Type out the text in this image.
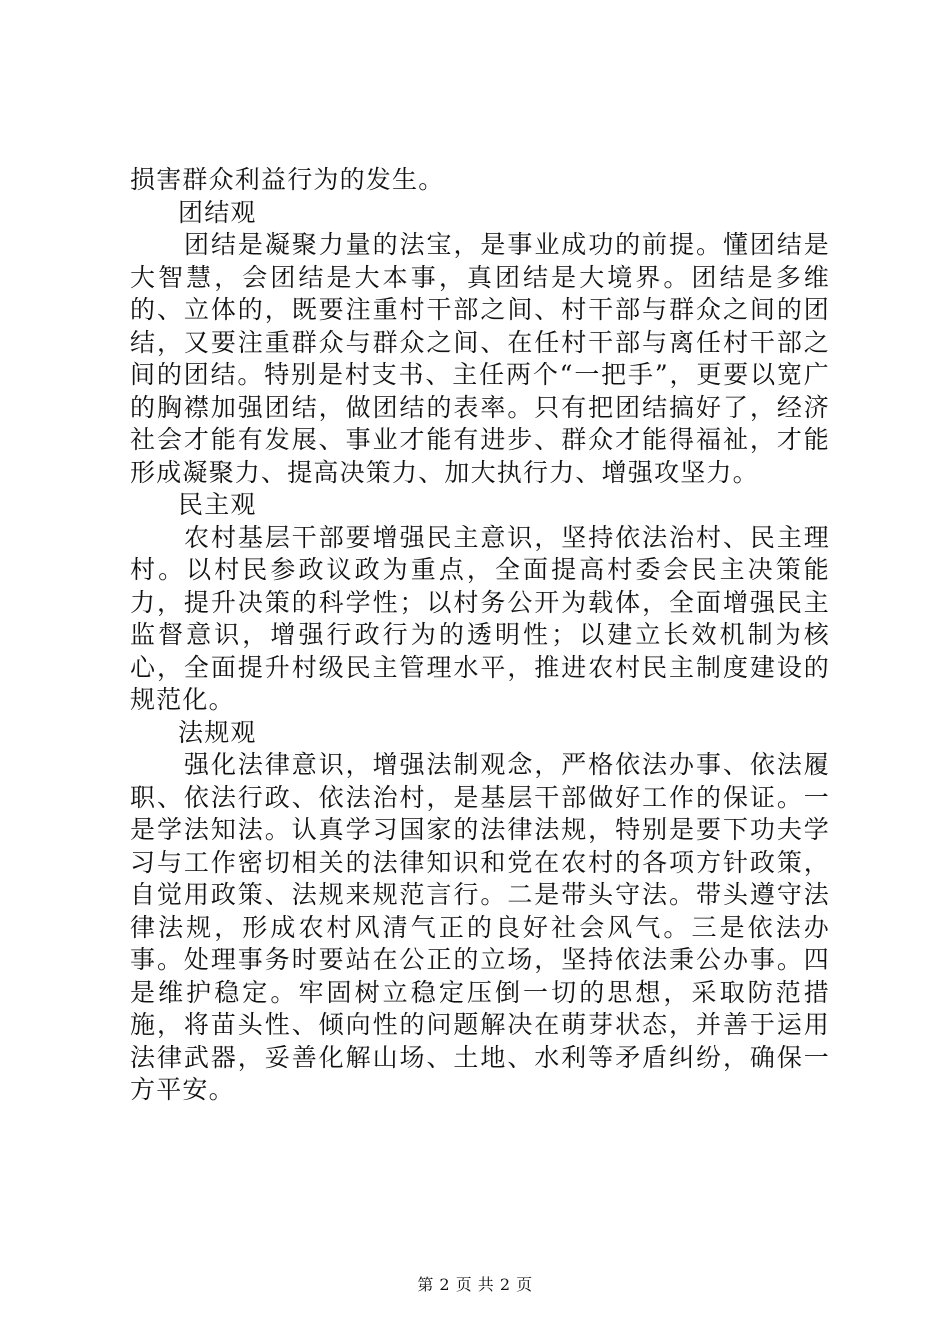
损害群众利益行为的发生。

团结观

团结是凝聚力量的法宝，是事业成功的前提。懂团结是大智慧，会团结是大本事，真团结是大境界。团结是多维的、立体的，既要注重村干部之间、村干部与群众之间的团结，又要注重群众与群众之间、在任村干部与离任村干部之间的团结。特别是村支书、主任两个“一把手”，更要以宽广的胸襟加强团结，做团结的表率。只有把团结搞好了，经济社会才能有发展、事业才能有进步、群众才能得福祉，才能形成凝聚力、提高决策力、加大执行力、增强攻坚力。

民主观

农村基层干部要增强民主意识，坚持依法治村、民主理村。以村民参政议政为重点，全面提高村委会民主决策能力，提升决策的科学性；以村务公开为载体，全面增强民主监督意识，增强行政行为的透明性；以建立长效机制为核心，全面提升村级民主管理水平，推进农村民主制度建设的规范化。

法规观

强化法律意识，增强法制观念，严格依法办事、依法履职、依法行政、依法治村，是基层干部做好工作的保证。一是学法知法。认真学习国家的法律法规，特别是要下功夫学习与工作密切相关的法律知识和党在农村的各项方针政策，自觉用政策、法规来规范言行。二是带头守法。带头遵守法律法规，形成农村风清气正的良好社会风气。三是依法办事。处理事务时要站在公正的立场，坚持依法秉公办事。四是维护稳定。牢固树立稳定压倒一切的思想，采取防范措施，将苗头性、倾向性的问题解决在萌芽状态，并善于运用法律武器，妥善化解山场、土地、水利等矛盾纠纷，确保一方平安。

第 2 页 共 2 页
